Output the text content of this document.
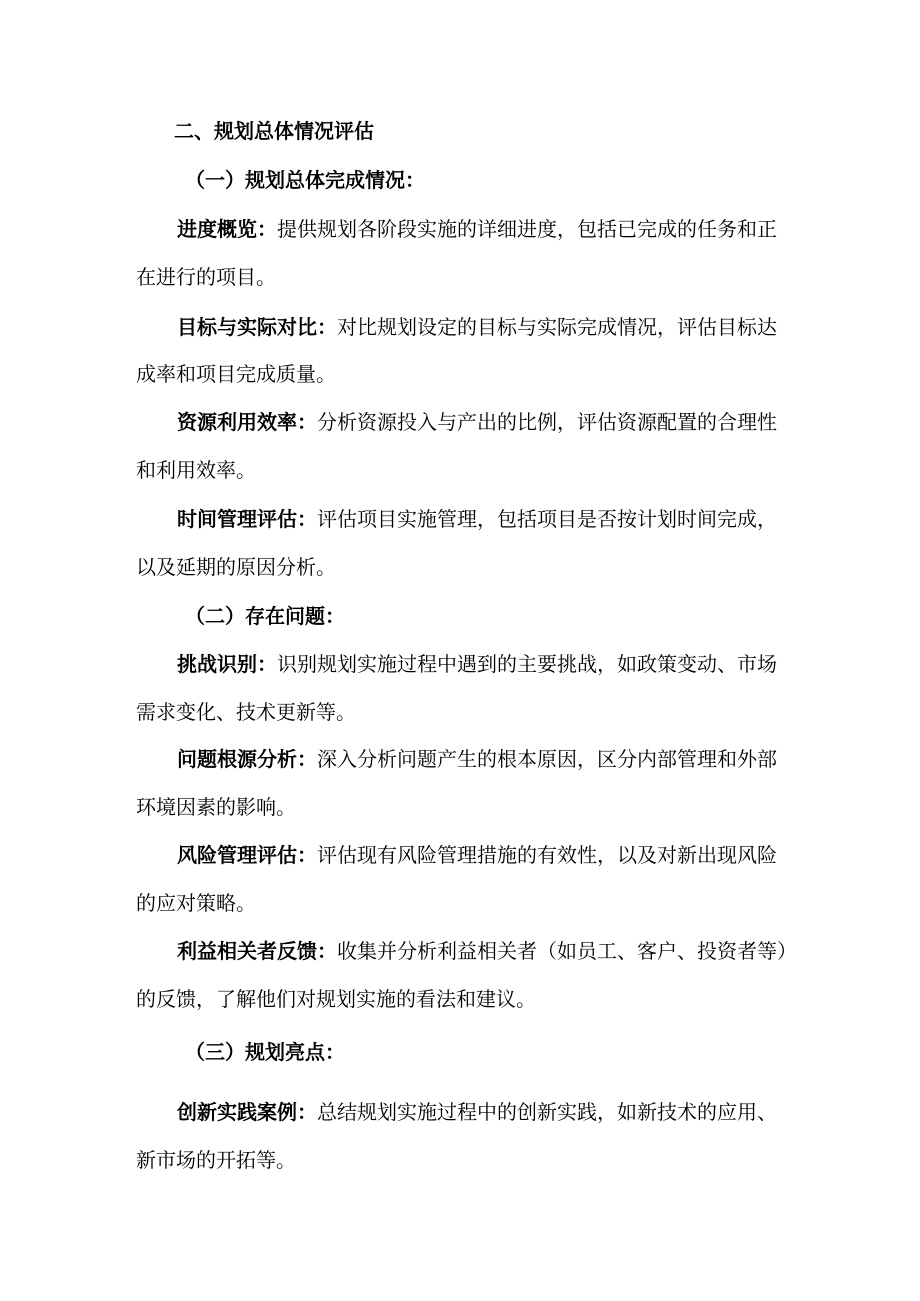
二、规划总体情况评估
（一）规划总体完成情况：
进度概览：提供规划各阶段实施的详细进度，包括已完成的任务和正
在进行的项目。
目标与实际对比：对比规划设定的目标与实际完成情况，评估目标达
成率和项目完成质量。
资源利用效率：分析资源投入与产出的比例，评估资源配置的合理性
和利用效率。
时间管理评估：评估项目实施管理，包括项目是否按计划时间完成，
以及延期的原因分析。
（二）存在问题：
挑战识别：识别规划实施过程中遇到的主要挑战，如政策变动、市场
需求变化、技术更新等。
问题根源分析：深入分析问题产生的根本原因，区分内部管理和外部
环境因素的影响。
风险管理评估：评估现有风险管理措施的有效性，以及对新出现风险
的应对策略。
利益相关者反馈：收集并分析利益相关者（如员工、客户、投资者等）
的反馈，了解他们对规划实施的看法和建议。
（三）规划亮点：
创新实践案例：总结规划实施过程中的创新实践，如新技术的应用、
新市场的开拓等。
